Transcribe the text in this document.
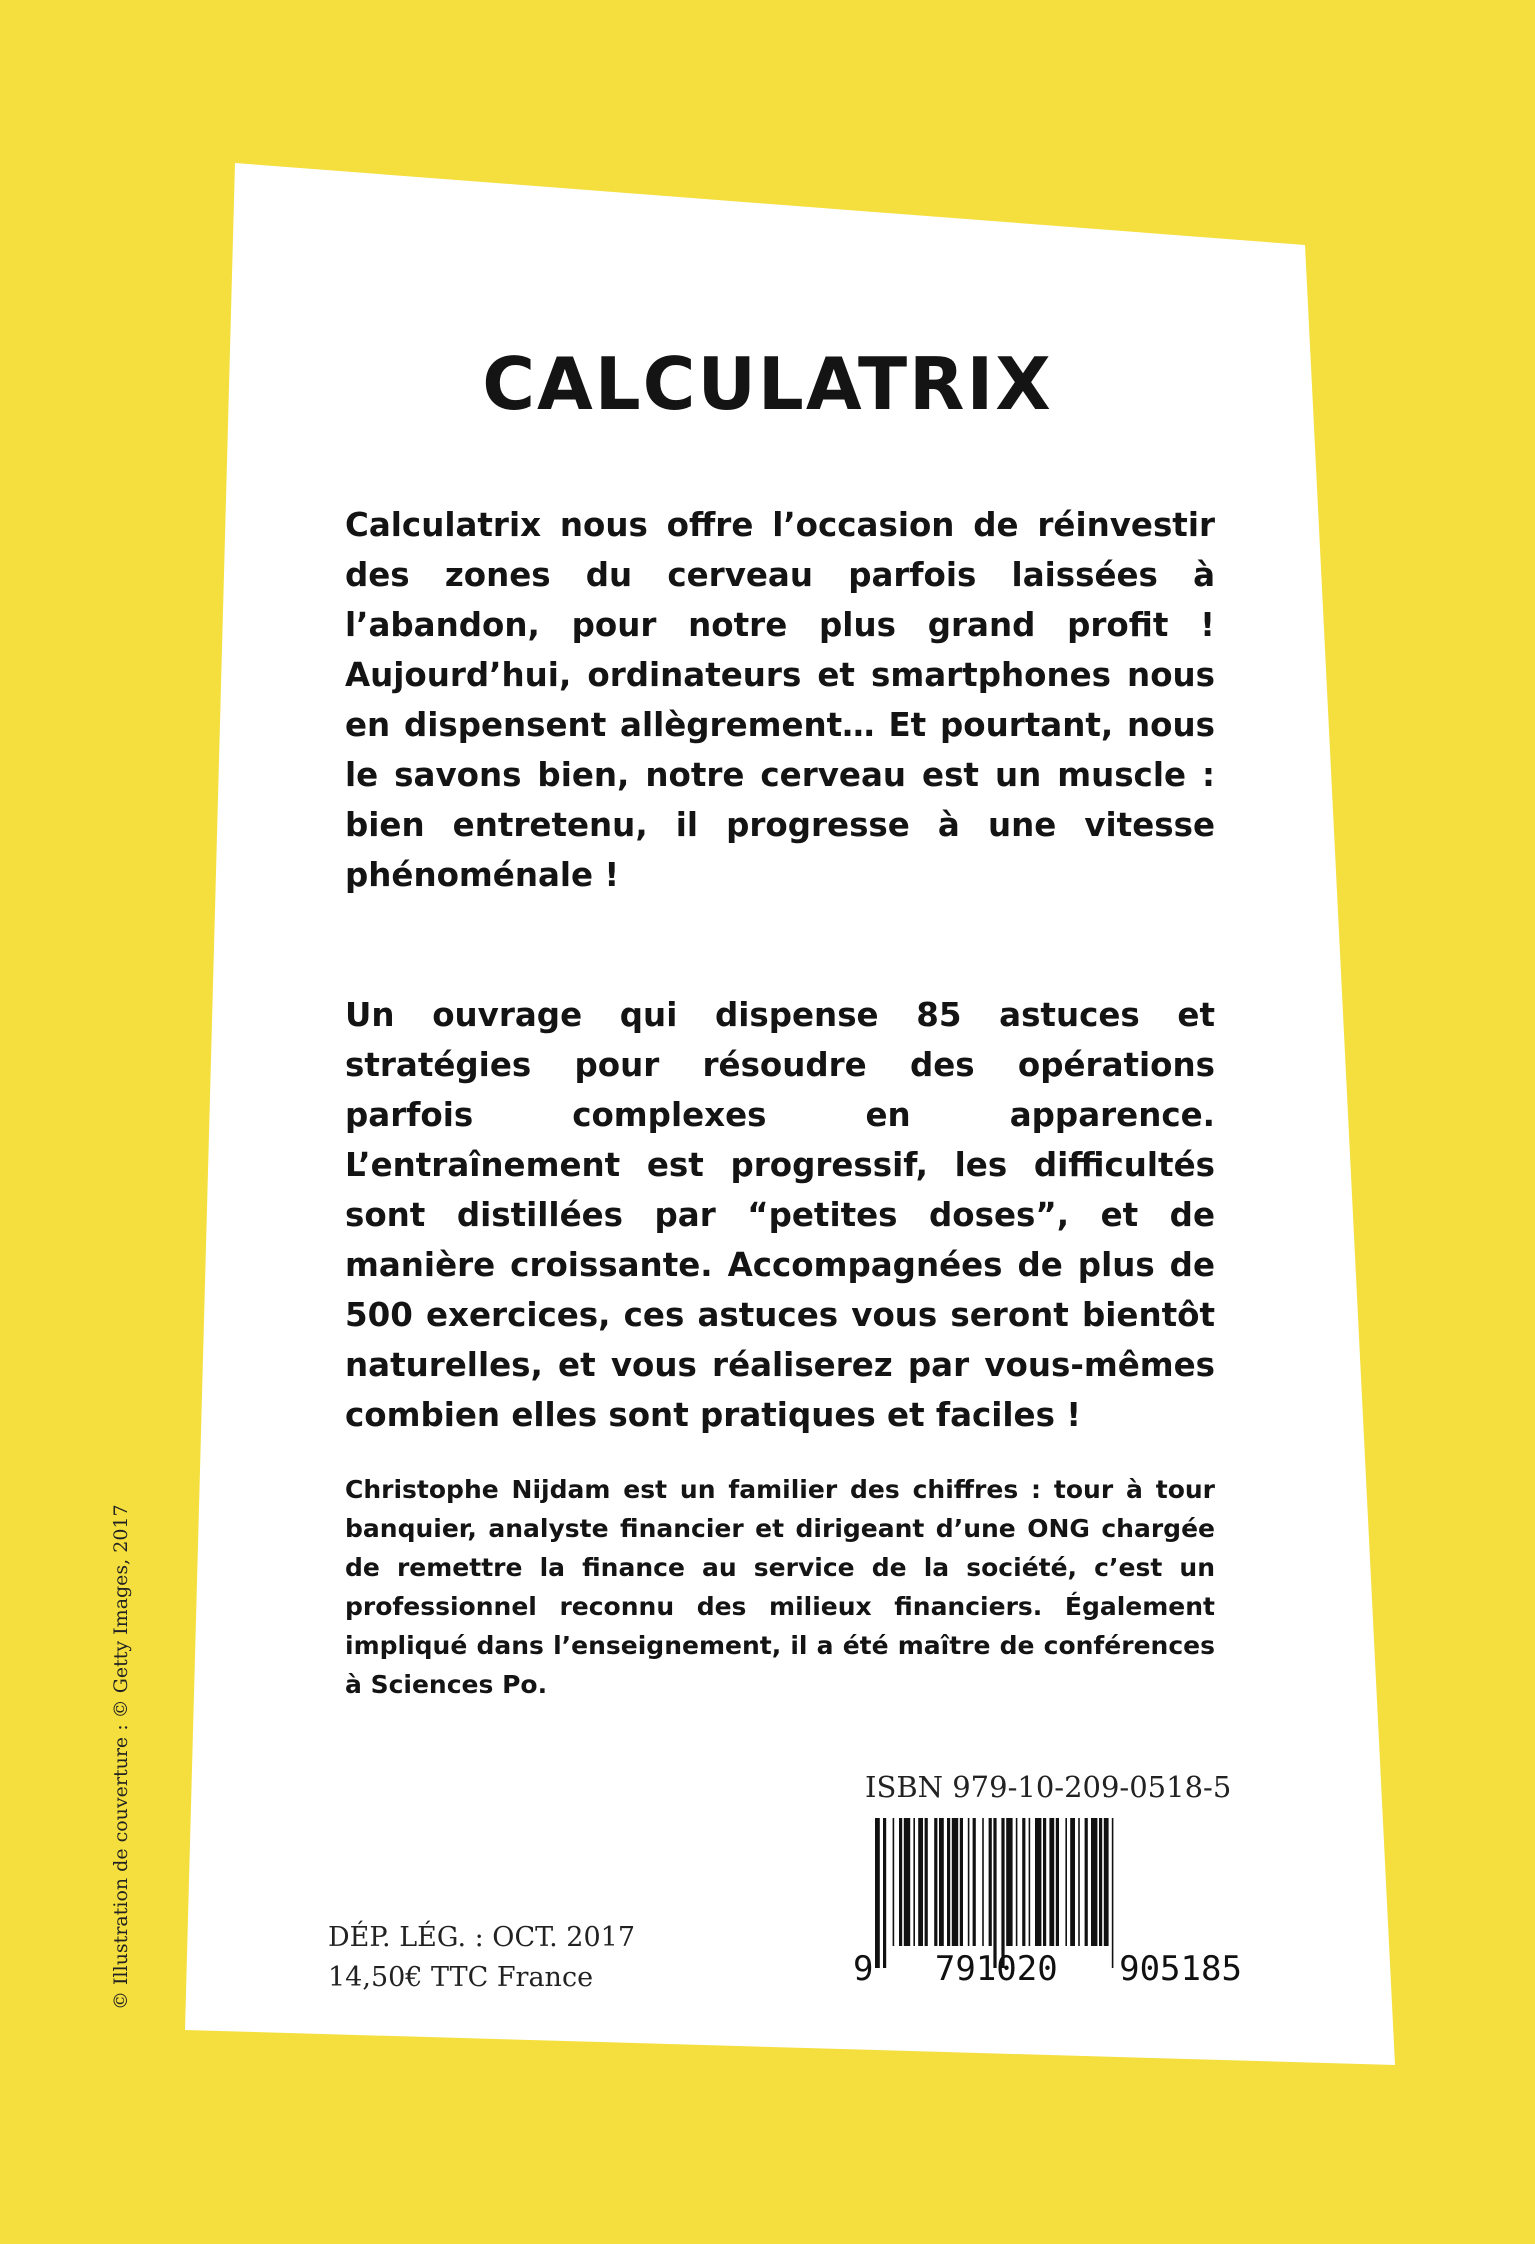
CALCULATRIX

Calculatrix nous offre l’occasion de réinvestir des zones du cerveau parfois laissées à l’abandon, pour notre plus grand profit ! Aujourd’hui, ordinateurs et smartphones nous en dispensent allègrement… Et pourtant, nous le savons bien, notre cerveau est un muscle : bien entretenu, il progresse à une vitesse phénoménale !

Un ouvrage qui dispense 85 astuces et stratégies pour résoudre des opérations parfois complexes en apparence. L’entraînement est progressif, les difficultés sont distillées par “petites doses”, et de manière croissante. Accompagnées de plus de 500 exercices, ces astuces vous seront bientôt naturelles, et vous réaliserez par vous-mêmes combien elles sont pratiques et faciles !

Christophe Nijdam est un familier des chiffres : tour à tour banquier, analyste financier et dirigeant d’une ONG chargée de remettre la finance au service de la société, c’est un professionnel reconnu des milieux financiers. Également impliqué dans l’enseignement, il a été maître de conférences à Sciences Po.

ISBN 979-10-209-0518-5
9   791020   905185
DÉP. LÉG. : OCT. 2017
14,50€ TTC France
© Illustration de couverture : © Getty Images, 2017
